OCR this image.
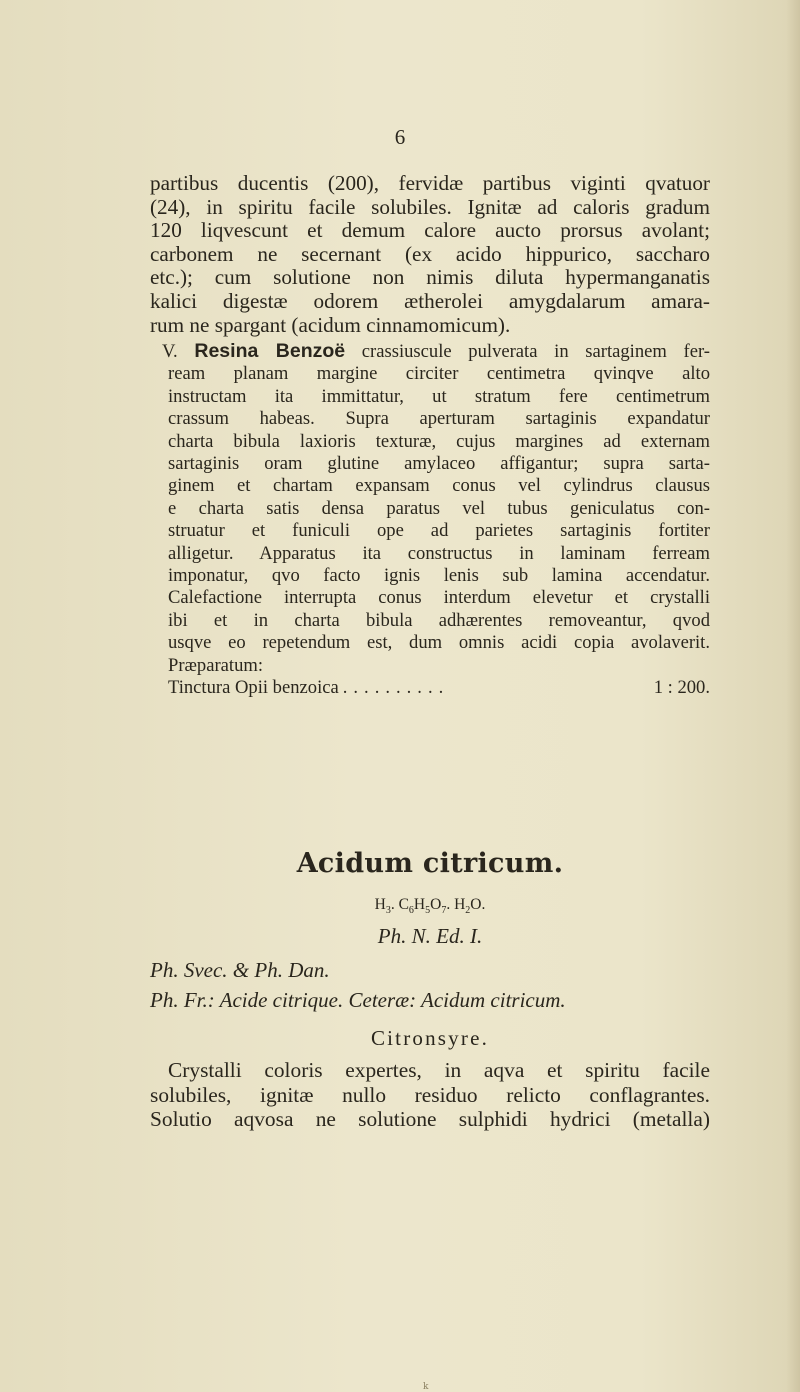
6
partibus ducentis (200), fervidæ partibus viginti qvatuor
(24), in spiritu facile solubiles. Ignitæ ad caloris gradum
120 liqvescunt et demum calore aucto prorsus avolant;
carbonem ne secernant (ex acido hippurico, saccharo
etc.); cum solutione non nimis diluta hypermanganatis
kalici digestæ odorem ætherolei amygdalarum amara-
rum ne spargant (acidum cinnamomicum).
V. Resina Benzoë crassiuscule pulverata in sartaginem fer-
ream planam margine circiter centimetra qvinqve alto
instructam ita immittatur, ut stratum fere centimetrum
crassum habeas. Supra aperturam sartaginis expandatur
charta bibula laxioris texturæ, cujus margines ad externam
sartaginis oram glutine amylaceo affigantur; supra sarta-
ginem et chartam expansam conus vel cylindrus clausus
e charta satis densa paratus vel tubus geniculatus con-
struatur et funiculi ope ad parietes sartaginis fortiter
alligetur. Apparatus ita constructus in laminam ferream
imponatur, qvo facto ignis lenis sub lamina accendatur.
Calefactione interrupta conus interdum elevetur et crystalli
ibi et in charta bibula adhærentes removeantur, qvod
usqve eo repetendum est, dum omnis acidi copia avolaverit.
Præparatum:
Tinctura Opii benzoica ..........	1 : 200.
Acidum citricum.
$H_3$. $C_6H_5O_7$. $H_2O$.
Ph. N. Ed. I.
Ph. Svec. & Ph. Dan.
Ph. Fr.: Acide citrique. Ceteræ: Acidum citricum.
Citronsyre.
Crystalli coloris expertes, in aqva et spiritu facile
solubiles, ignitæ nullo residuo relicto conflagrantes.
Solutio aqvosa ne solutione sulphidi hydrici (metalla)
k
